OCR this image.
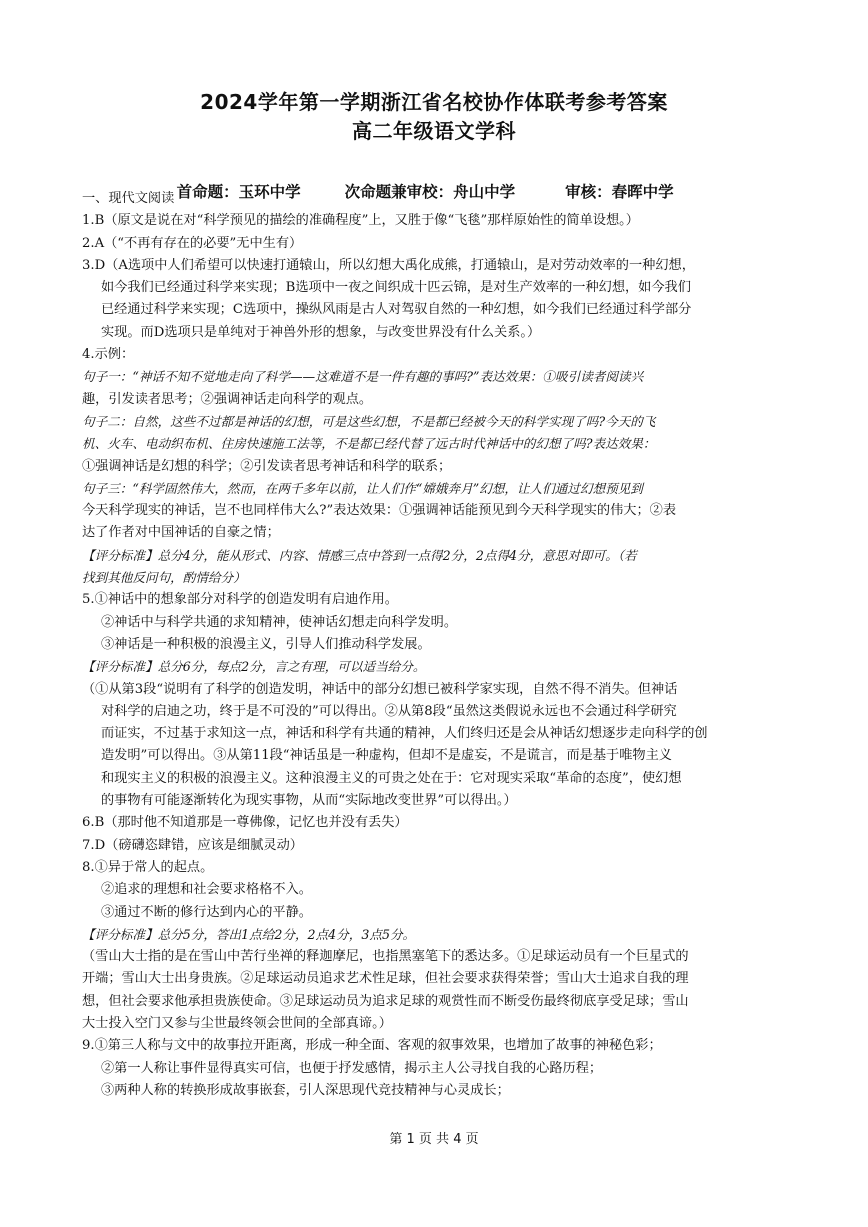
2024学年第一学期浙江省名校协作体联考参考答案
高二年级语文学科

首命题：玉环中学	次命题兼审校：舟山中学	审核：春晖中学

一、现代文阅读
1.B（原文是说在对“科学预见的描绘的准确程度”上，又胜于像“飞毯”那样原始性的简单设想。）
2.A（“不再有存在的必要”无中生有）
3.D（A选项中人们希望可以快速打通辕山，所以幻想大禹化成熊，打通辕山，是对劳动效率的一种幻想，
如今我们已经通过科学来实现；B选项中一夜之间织成十匹云锦，是对生产效率的一种幻想，如今我们
已经通过科学来实现；C选项中，操纵风雨是古人对驾驭自然的一种幻想，如今我们已经通过科学部分
实现。而D选项只是单纯对于神兽外形的想象，与改变世界没有什么关系。）
4.示例：
句子一：“神话不知不觉地走向了科学——这难道不是一件有趣的事吗?”表达效果：①吸引读者阅读兴
趣，引发读者思考；②强调神话走向科学的观点。
句子二：自然，这些不过都是神话的幻想，可是这些幻想，不是都已经被今天的科学实现了吗?今天的飞
机、火车、电动织布机、住房快速施工法等，不是都已经代替了远古时代神话中的幻想了吗?表达效果：
①强调神话是幻想的科学；②引发读者思考神话和科学的联系；
句子三：“科学固然伟大，然而，在两千多年以前，让人们作“嫦娥奔月”幻想，让人们通过幻想预见到
今天科学现实的神话，岂不也同样伟大么?”表达效果：①强调神话能预见到今天科学现实的伟大；②表
达了作者对中国神话的自豪之情；
【评分标准】总分4分，能从形式、内容、情感三点中答到一点得2分，2点得4分，意思对即可。（若
找到其他反问句，酌情给分）
5.①神话中的想象部分对科学的创造发明有启迪作用。
②神话中与科学共通的求知精神，使神话幻想走向科学发明。
③神话是一种积极的浪漫主义，引导人们推动科学发展。
【评分标准】总分6分，每点2分，言之有理，可以适当给分。
（①从第3段“说明有了科学的创造发明，神话中的部分幻想已被科学家实现，自然不得不消失。但神话
对科学的启迪之功，终于是不可没的”可以得出。②从第8段“虽然这类假说永远也不会通过科学研究
而证实，不过基于求知这一点，神话和科学有共通的精神，人们终归还是会从神话幻想逐步走向科学的创
造发明”可以得出。③从第11段“神话虽是一种虚构，但却不是虚妄，不是谎言，而是基于唯物主义
和现实主义的积极的浪漫主义。这种浪漫主义的可贵之处在于：它对现实采取“革命的态度”，使幻想
的事物有可能逐渐转化为现实事物，从而“实际地改变世界”可以得出。）
6.B（那时他不知道那是一尊佛像，记忆也并没有丢失）
7.D（磅礴恣肆错，应该是细腻灵动）
8.①异于常人的起点。
②追求的理想和社会要求格格不入。
③通过不断的修行达到内心的平静。
【评分标准】总分5分，答出1点给2分，2点4分，3点5分。
（雪山大士指的是在雪山中苦行坐禅的释迦摩尼，也指黑塞笔下的悉达多。①足球运动员有一个巨星式的
开端；雪山大士出身贵族。②足球运动员追求艺术性足球，但社会要求获得荣誉；雪山大士追求自我的理
想，但社会要求他承担贵族使命。③足球运动员为追求足球的观赏性而不断受伤最终彻底享受足球；雪山
大士投入空门又参与尘世最终领会世间的全部真谛。）
9.①第三人称与文中的故事拉开距离，形成一种全面、客观的叙事效果，也增加了故事的神秘色彩；
②第一人称让事件显得真实可信，也便于抒发感情，揭示主人公寻找自我的心路历程；
③两种人称的转换形成故事嵌套，引人深思现代竞技精神与心灵成长；
第 1 页 共 4 页
